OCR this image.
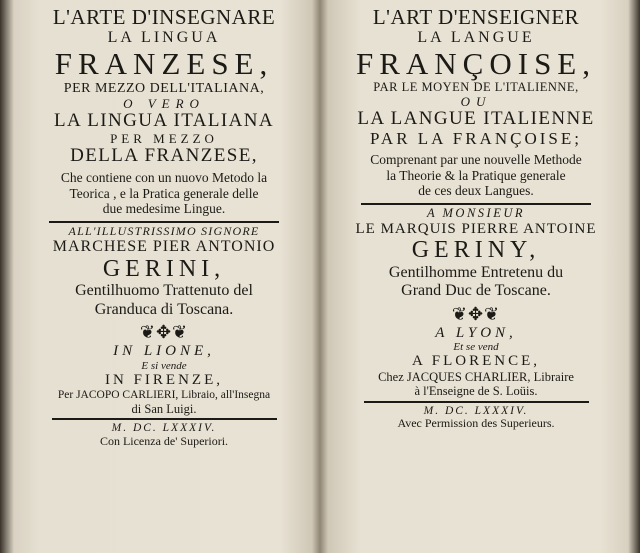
L'ARTE D'INSEGNARE
LA LINGUA
FRANZESE,
PER MEZZO DELL'ITALIANA,
O VERO
LA LINGUA ITALIANA
PER MEZZO
DELLA FRANZESE,
Che contiene con un nuovo Metodo la
Teorica , e la Pratica generale delle
due medesime Lingue.
ALL'ILLUSTRISSIMO SIGNORE
MARCHESE PIER ANTONIO
GERINI,
Gentilhuomo Trattenuto del
Granduca di Toscana.
❦✥❦
IN LIONE,
E si vende
IN FIRENZE,
Per JACOPO CARLIERI, Libraio, all'Insegna
di San Luigi.
M. DC. LXXXIV.
Con Licenza de' Superiori.
L'ART D'ENSEIGNER
LA LANGUE
FRANÇOISE,
PAR LE MOYEN DE L'ITALIENNE,
OU
LA LANGUE ITALIENNE
PAR LA FRANÇOISE;
Comprenant par une nouvelle Methode
la Theorie & la Pratique generale
de ces deux Langues.
A MONSIEUR
LE MARQUIS PIERRE ANTOINE
GERINY,
Gentilhomme Entretenu du
Grand Duc de Toscane.
❦✥❦
A LYON,
Et se vend
A FLORENCE,
Chez JACQUES CHARLIER, Libraire
à l'Enseigne de S. Loüis.
M. DC. LXXXIV.
Avec Permission des Superieurs.
